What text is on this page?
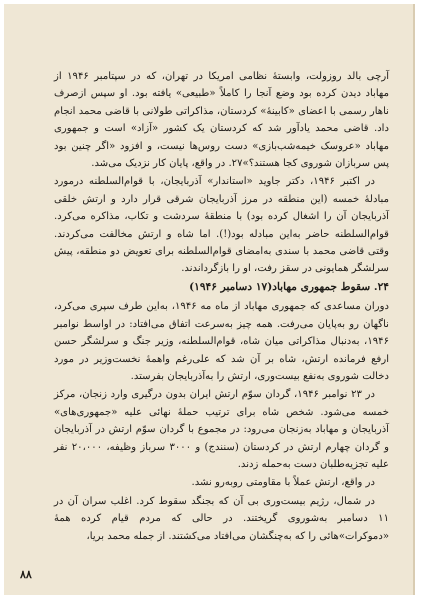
آرچی بالد روزولت، وابستهٔ نظامی امریکا در تهران، که در سپتامبر ۱۹۴۶ از مهاباد دیدن کرده بود وضع آنجا را کاملاً «طبیعی» یافته بود. او سپس ازصرف ناهار رسمی با اعضای «کابینهٔ» کردستان، مذاکراتی طولانی با قاضی محمد انجام داد. قاضی محمد یادآور شد که کردستان یک کشور «آزاد» است و جمهوری مهاباد «عروسک خیمه‌شب‌بازی» دست روس‌ها نیست، و افزود «اگر چنین بود پس سربازان شوروی کجا هستند؟»۲۷. در واقع، پایان کار نزدیک می‌شد.

در اکتبر ۱۹۴۶، دکتر جاوید «استاندار» آذربایجان، با قوام‌السلطنه درمورد مبادلهٔ خمسه (این منطقه در مرز آذربایجان شرقی قرار دارد و ارتش خلقی آذربایجان آن را اشغال کرده بود) با منطقهٔ سردشت و تکاب، مذاکره می‌کرد. قوام‌السلطنه حاضر به‌این مبادله بود(!). اما شاه و ارتش مخالفت می‌کردند. وقتی قاضی محمد با سندی به‌امضای قوام‌السلطنه برای تعویض دو منطقه، پیش سرلشگر همایونی در سقز رفت، او را بازگرداندند.

۲۴. سقوط جمهوری مهاباد(۱۷ دسامبر ۱۹۴۶)

دوران مساعدی که جمهوری مهاباد از ماه مه ۱۹۴۶، به‌این طرف سپری می‌کرد، ناگهان رو به‌پایان می‌رفت. همه چیز به‌سرعت اتفاق می‌افتاد: در اواسط نوامبر ۱۹۴۶، به‌دنبال مذاکراتی میان شاه، قوام‌السلطنه، وزیر جنگ و سرلشگر حسن ارفع فرمانده ارتش، شاه بر آن شد که علی‌رغم واهمهٔ نخست‌وزیر در مورد دخالت شوروی به‌نفع بیست‌وری، ارتش را به‌آذربایجان بفرستد.

در ۲۳ نوامبر ۱۹۴۶، گردان سوّم ارتش ایران بدون درگیری وارد زنجان، مرکز خمسه می‌شود. شخص شاه برای ترتیب حملهٔ نهائی علیه «جمهوری‌های» آذربایجان و مهاباد به‌زنجان می‌رود: در مجموع با گردان سوّم ارتش در آذربایجان و گردان چهارم ارتش در کردستان (سنندج) و ۳۰۰۰ سرباز وظیفه، ۲۰،۰۰۰ نفر علیه تجزیه‌طلبان دست به‌حمله زدند.

در واقع، ارتش عملاً با مقاومتی روبه‌رو نشد.

در شمال، رژیم بیست‌وری بی آن که بجنگد سقوط کرد. اغلب سران آن در ۱۱ دسامبر به‌شوروی گریختند. در حالی که مردم قیام کرده همهٔ «دموکرات»هائی را که به‌چنگشان می‌افتاد می‌کشتند. از جمله محمد بریا،

۸۸
